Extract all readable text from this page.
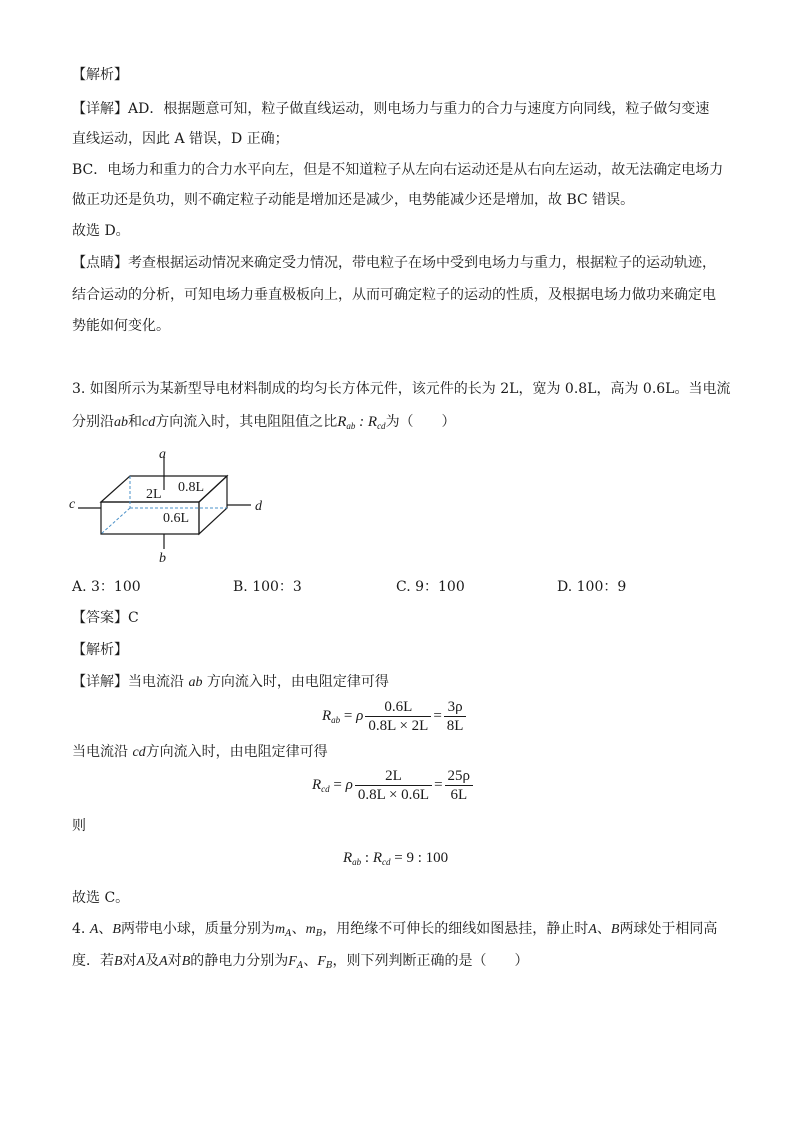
【解析】
【详解】AD．根据题意可知，粒子做直线运动，则电场力与重力的合力与速度方向同线，粒子做匀变速
直线运动，因此 A 错误，D 正确；
BC．电场力和重力的合力水平向左，但是不知道粒子从左向右运动还是从右向左运动，故无法确定电场力
做正功还是负功，则不确定粒子动能是增加还是减少，电势能减少还是增加，故 BC 错误。
故选 D。
【点睛】考查根据运动情况来确定受力情况，带电粒子在场中受到电场力与重力，根据粒子的运动轨迹，
结合运动的分析，可知电场力垂直极板向上，从而可确定粒子的运动的性质，及根据电场力做功来确定电
势能如何变化。
3. 如图所示为某新型导电材料制成的均匀长方体元件，该元件的长为 2L，宽为 0.8L，高为 0.6L。当电流
分别沿ab和cd方向流入时，其电阻阻值之比$R_{ab}$ : $R_{cd}$为（　　）
a
b
c	d
2L 0.8L
0.6L
A. 3：100	B. 100：3	C. 9：100	D. 100：9
【答案】C
【解析】
【详解】当电流沿 ab 方向流入时，由电阻定律可得
$R_{ab} = \rho \frac{0.6L}{0.8L \times 2L} = \frac{3\rho}{8L}$
当电流沿 cd方向流入时，由电阻定律可得
$R_{cd} = \rho \frac{2L}{0.8L \times 0.6L} = \frac{25\rho}{6L}$
则
$R_{ab}$ : $R_{cd} = 9$ : 100
故选 C。
4. A、B两带电小球，质量分别为$m_A$、$m_B$，用绝缘不可伸长的细线如图悬挂，静止时A、B两球处于相同高
度．若B对A及A对B的静电力分别为$F_A$、$F_B$，则下列判断正确的是（　　）
